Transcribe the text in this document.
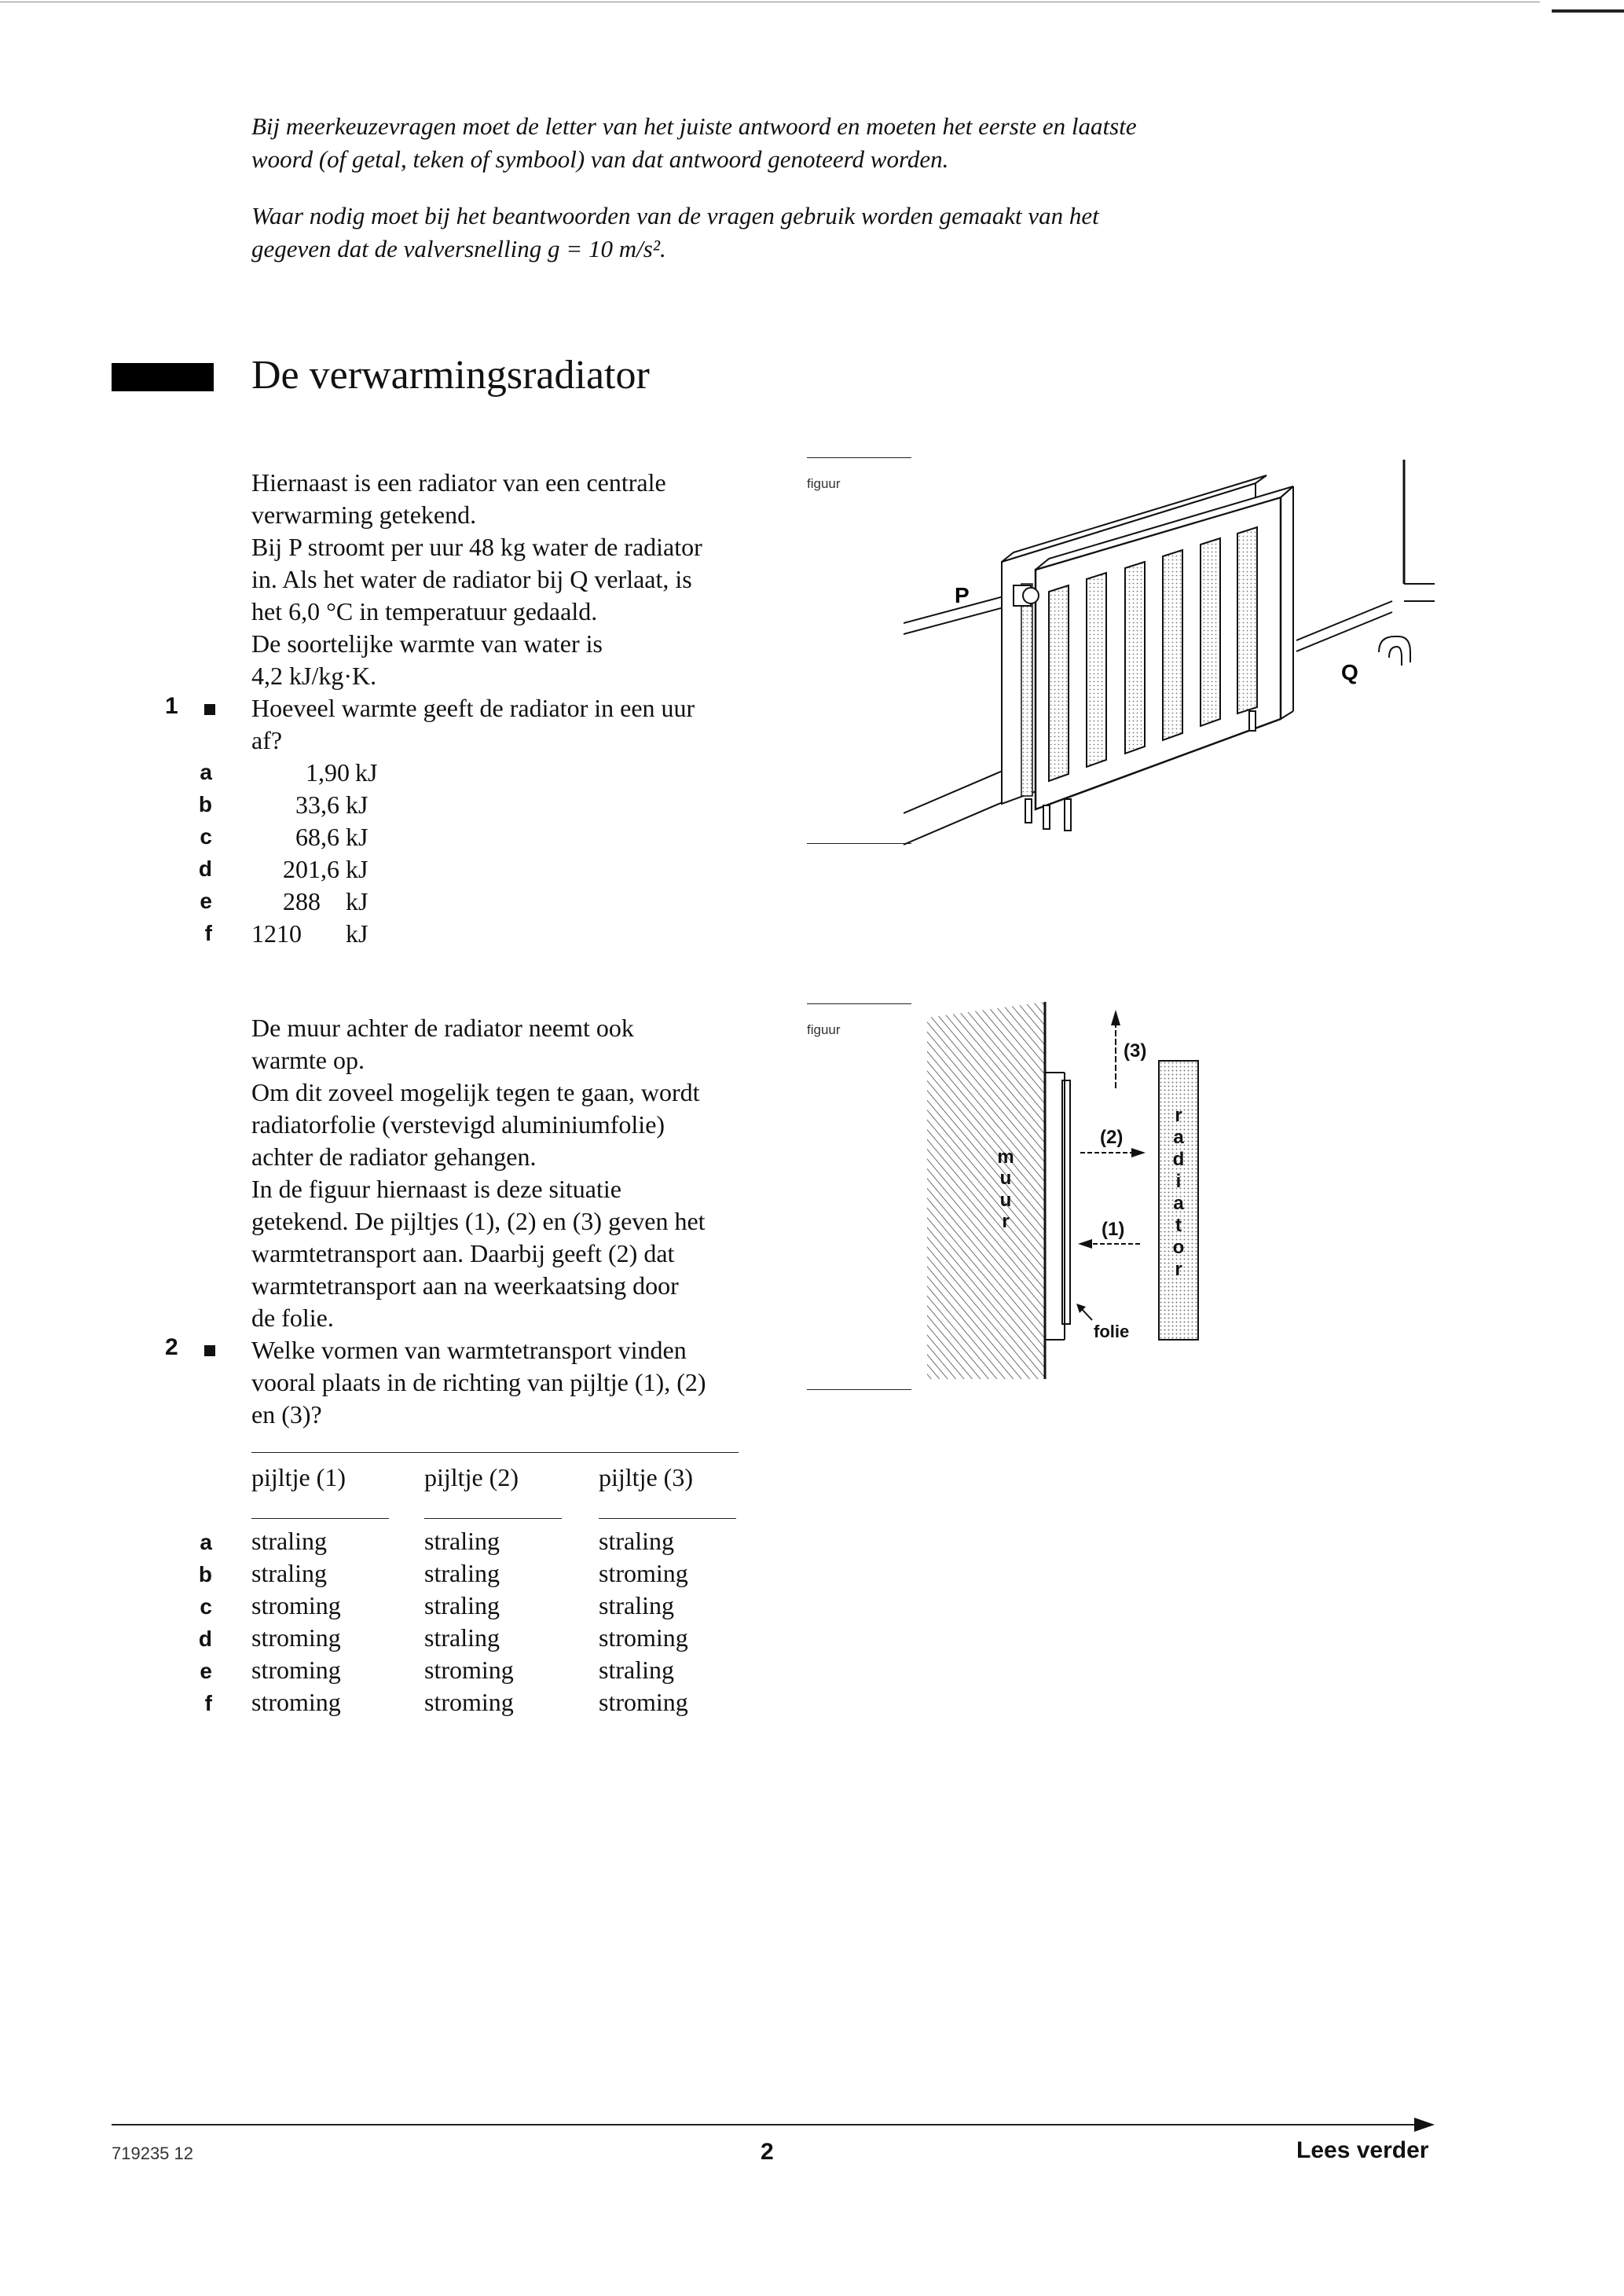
Bij meerkeuzevragen moet de letter van het juiste antwoord en moeten het eerste en laatste
woord (of getal, teken of symbool) van dat antwoord genoteerd worden.
Waar nodig moet bij het beantwoorden van de vragen gebruik worden gemaakt van het
gegeven dat de valversnelling g = 10 m/s².
De verwarmingsradiator
Hiernaast is een radiator van een centrale
verwarming getekend.
Bij P stroomt per uur 48 kg water de radiator
in. Als het water de radiator bij Q verlaat, is
het 6,0 °C in temperatuur gedaald.
De soortelijke warmte van water is
4,2 kJ/kg·K.
Hoeveel warmte geeft de radiator in een uur
af?
1
a	1,90 kJ
b	33,6 kJ
c	68,6 kJ
d	201,6 kJ
e	288 kJ
f 1210 kJ
figuur
P
Q
De muur achter de radiator neemt ook
warmte op.
Om dit zoveel mogelijk tegen te gaan, wordt
radiatorfolie (verstevigd aluminiumfolie)
achter de radiator gehangen.
In de figuur hiernaast is deze situatie
getekend. De pijltjes (1), (2) en (3) geven het
warmtetransport aan. Daarbij geeft (2) dat
warmtetransport aan na weerkaatsing door
de folie.
Welke vormen van warmtetransport vinden
vooral plaats in de richting van pijltje (1), (2)
en (3)?
2
pijltje (1)	pijltje (2)	pijltje (3)
a straling	straling	straling
b straling	straling	stroming
c stroming	straling	straling
d stroming	straling	stroming
e stroming	stroming	straling
f stroming	stroming	stroming
figuur
(3)
(2)
(1)
folie
m
u
u
r
r
a
d
i
a
t
o
r
719235 12	2	Lees verder
